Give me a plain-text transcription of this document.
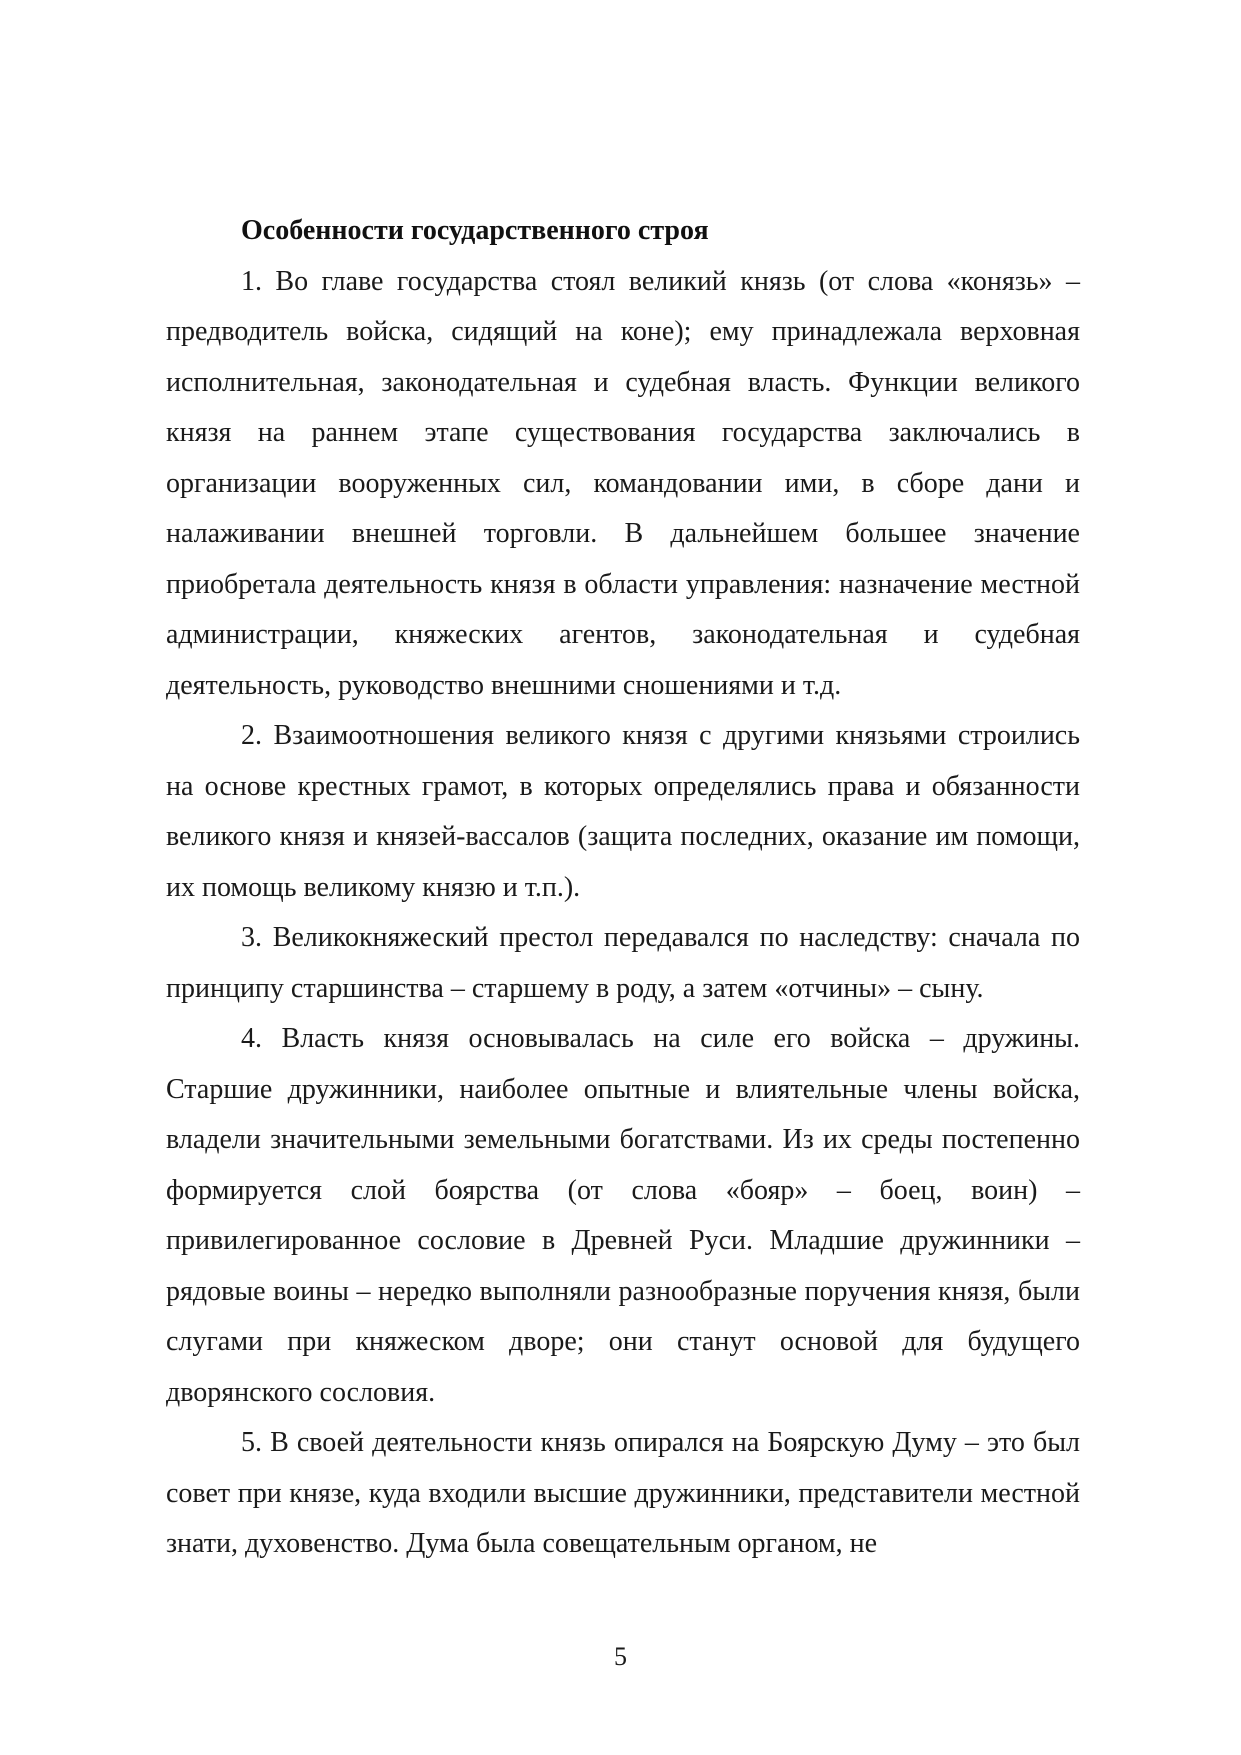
Особенности государственного строя

1. Во главе государства стоял великий князь (от слова «конязь» – предводитель войска, сидящий на коне); ему принадлежала верховная исполнительная, законодательная и судебная власть. Функции великого князя на раннем этапе существования государства заключались в организации вооруженных сил, командовании ими, в сборе дани и налаживании внешней торговли. В дальнейшем большее значение приобретала деятельность князя в области управления: назначение местной администрации, княжеских агентов, законодательная и судебная деятельность, руководство внешними сношениями и т.д.

2. Взаимоотношения великого князя с другими князьями строились на основе крестных грамот, в которых определялись права и обязанности великого князя и князей-вассалов (защита последних, оказание им помощи, их помощь великому князю и т.п.).

3. Великокняжеский престол передавался по наследству: сначала по принципу старшинства – старшему в роду, а затем «отчины» – сыну.

4. Власть князя основывалась на силе его войска – дружины. Старшие дружинники, наиболее опытные и влиятельные члены войска, владели значительными земельными богатствами. Из их среды постепенно формируется слой боярства (от слова «бояр» – боец, воин) – привилегированное сословие в Древней Руси. Младшие дружинники – рядовые воины – нередко выполняли разнообразные поручения князя, были слугами при княжеском дворе; они станут основой для будущего дворянского сословия.

5. В своей деятельности князь опирался на Боярскую Думу – это был совет при князе, куда входили высшие дружинники, представители местной знати, духовенство. Дума была совещательным органом, не

5
